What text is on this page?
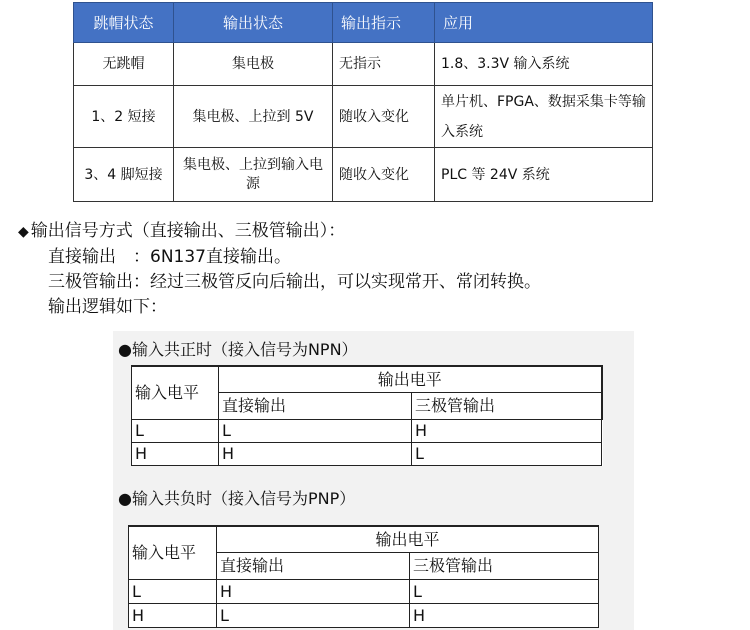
跳帽状态	输出状态	输出指示	应用
无跳帽	集电极	无指示	1.8、3.3V 输入系统
1、2 短接	集电极、上拉到 5V	随收入变化	单片机、FPGA、数据采集卡等输入系统
3、4 脚短接	集电极、上拉到输入电源	随收入变化	PLC 等 24V 系统
◆ 输出信号方式（直接输出、三极管输出）：
直接输出　：6N137直接输出。
三极管输出：经过三极管反向后输出，可以实现常开、常闭转换。
输出逻辑如下：
●输入共正时（接入信号为NPN）
输入电平	输出电平	
	直接输出	三极管输出
L	L	H
H	H	L
●输入共负时（接入信号为PNP）
输入电平	输出电平	
	直接输出	三极管输出
L	H	L
H	L	H
